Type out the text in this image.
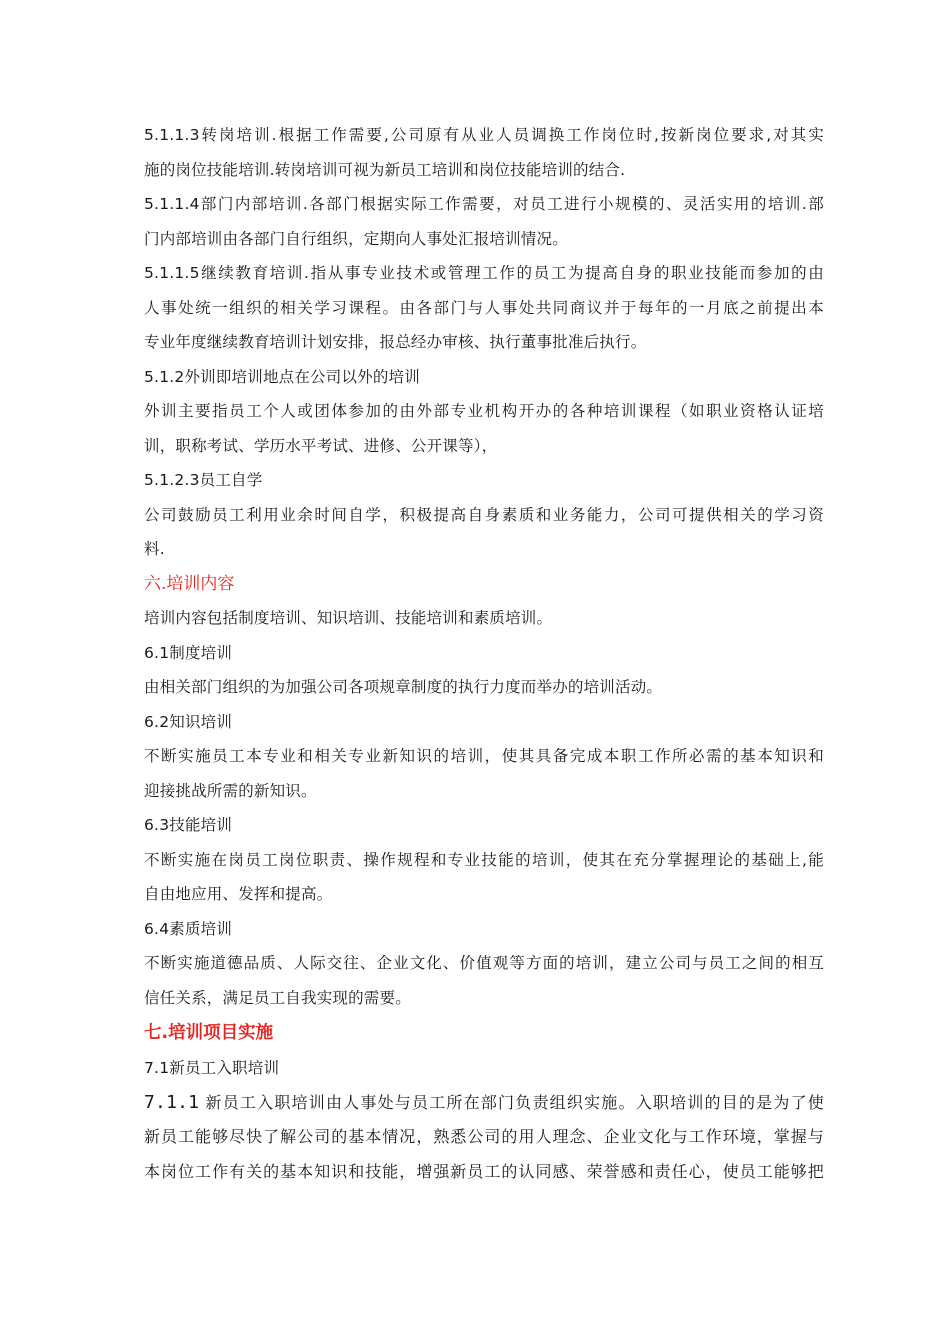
5.1.1.3转岗培训.根据工作需要,公司原有从业人员调换工作岗位时,按新岗位要求,对其实
施的岗位技能培训.转岗培训可视为新员工培训和岗位技能培训的结合.
5.1.1.4部门内部培训.各部门根据实际工作需要，对员工进行小规模的、灵活实用的培训.部
门内部培训由各部门自行组织，定期向人事处汇报培训情况。
5.1.1.5继续教育培训.指从事专业技术或管理工作的员工为提高自身的职业技能而参加的由
人事处统一组织的相关学习课程。由各部门与人事处共同商议并于每年的一月底之前提出本
专业年度继续教育培训计划安排，报总经办审核、执行董事批准后执行。
5.1.2外训即培训地点在公司以外的培训
外训主要指员工个人或团体参加的由外部专业机构开办的各种培训课程（如职业资格认证培
训，职称考试、学历水平考试、进修、公开课等），
5.1.2.3员工自学
公司鼓励员工利用业余时间自学，积极提高自身素质和业务能力，公司可提供相关的学习资
料.
六.培训内容
培训内容包括制度培训、知识培训、技能培训和素质培训。
6.1制度培训
由相关部门组织的为加强公司各项规章制度的执行力度而举办的培训活动。
6.2知识培训
不断实施员工本专业和相关专业新知识的培训，使其具备完成本职工作所必需的基本知识和
迎接挑战所需的新知识。
6.3技能培训
不断实施在岗员工岗位职责、操作规程和专业技能的培训，使其在充分掌握理论的基础上,能
自由地应用、发挥和提高。
6.4素质培训
不断实施道德品质、人际交往、企业文化、价值观等方面的培训，建立公司与员工之间的相互
信任关系，满足员工自我实现的需要。
七.培训项目实施
7.1新员工入职培训
7.1.1 新员工入职培训由人事处与员工所在部门负责组织实施。入职培训的目的是为了使
新员工能够尽快了解公司的基本情况，熟悉公司的用人理念、企业文化与工作环境，掌握与
本岗位工作有关的基本知识和技能，增强新员工的认同感、荣誉感和责任心，使员工能够把
